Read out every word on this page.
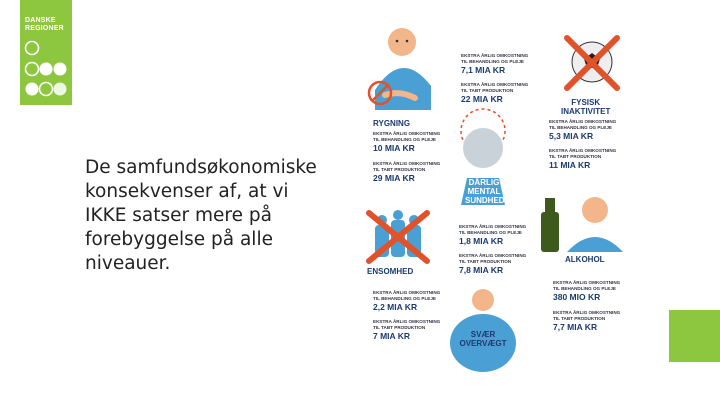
DANSKE
REGIONER
De samfundsøkonomiske
konsekvenser af, at vi
IKKE satser mere på
forebyggelse på alle
niveauer.
EKSTRA ÅRLIG OMKOSTNING
TIL BEHANDLING OG PLEJE
7,1 MIA KR
EKSTRA ÅRLIG OMKOSTNING
TIL TABT PRODUKTION
22 MIA KR
RYGNING
EKSTRA ÅRLIG OMKOSTNING
TIL BEHANDLING OG PLEJE
10 MIA KR
EKSTRA ÅRLIG OMKOSTNING
TIL TABT PRODUKTION
29 MIA KR
FYSISK
INAKTIVITET
EKSTRA ÅRLIG OMKOSTNING
TIL BEHANDLING OG PLEJE
5,3 MIA KR
EKSTRA ÅRLIG OMKOSTNING
TIL TABT PRODUKTION
11 MIA KR
DÅRLIG
MENTAL
SUNDHED
EKSTRA ÅRLIG OMKOSTNING
TIL BEHANDLING OG PLEJE
1,8 MIA KR
EKSTRA ÅRLIG OMKOSTNING
TIL TABT PRODUKTION
7,8 MIA KR
ALKOHOL
EKSTRA ÅRLIG OMKOSTNING
TIL BEHANDLING OG PLEJE
380 MIO KR
EKSTRA ÅRLIG OMKOSTNING
TIL TABT PRODUKTION
7,7 MIA KR
ENSOMHED
EKSTRA ÅRLIG OMKOSTNING
TIL BEHANDLING OG PLEJE
2,2 MIA KR
EKSTRA ÅRLIG OMKOSTNING
TIL TABT PRODUKTION
7 MIA KR	SVÆR
OVERVÆGT
